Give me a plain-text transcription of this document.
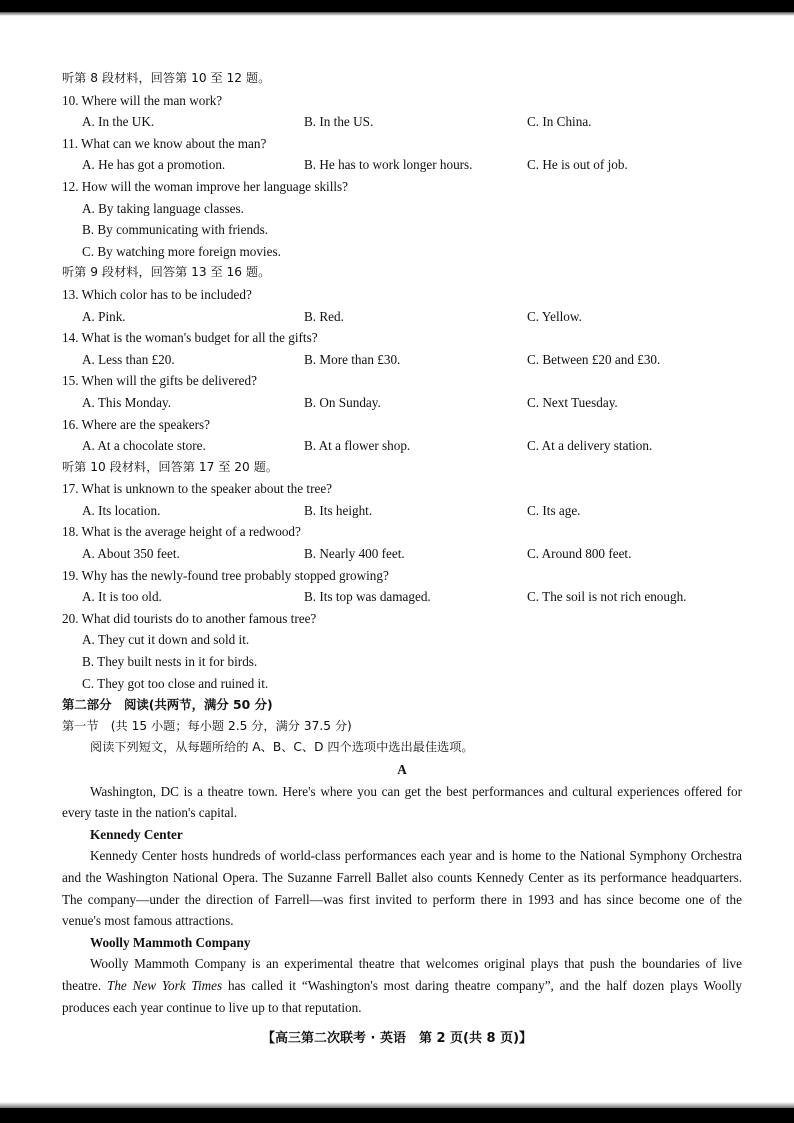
听第 8 段材料，回答第 10 至 12 题。
10. Where will the man work?
A. In the UK.	B. In the US.	C. In China.
11. What can we know about the man?
A. He has got a promotion.	B. He has to work longer hours.	C. He is out of job.
12. How will the woman improve her language skills?
A. By taking language classes.
B. By communicating with friends.
C. By watching more foreign movies.
听第 9 段材料，回答第 13 至 16 题。
13. Which color has to be included?
A. Pink.	B. Red.	C. Yellow.
14. What is the woman's budget for all the gifts?
A. Less than £20.	B. More than £30.	C. Between £20 and £30.
15. When will the gifts be delivered?
A. This Monday.	B. On Sunday.	C. Next Tuesday.
16. Where are the speakers?
A. At a chocolate store.	B. At a flower shop.	C. At a delivery station.
听第 10 段材料，回答第 17 至 20 题。
17. What is unknown to the speaker about the tree?
A. Its location.	B. Its height.	C. Its age.
18. What is the average height of a redwood?
A. About 350 feet.	B. Nearly 400 feet.	C. Around 800 feet.
19. Why has the newly-found tree probably stopped growing?
A. It is too old.	B. Its top was damaged.	C. The soil is not rich enough.
20. What did tourists do to another famous tree?
A. They cut it down and sold it.
B. They built nests in it for birds.
C. They got too close and ruined it.
第二部分　阅读(共两节，满分 50 分)
第一节　(共 15 小题；每小题 2.5 分，满分 37.5 分)
阅读下列短文，从每题所给的 A、B、C、D 四个选项中选出最佳选项。
A

Washington, DC is a theatre town. Here's where you can get the best performances and cultural experiences offered for every taste in the nation's capital.

Kennedy Center

Kennedy Center hosts hundreds of world-class performances each year and is home to the National Symphony Orchestra and the Washington National Opera. The Suzanne Farrell Ballet also counts Kennedy Center as its performance headquarters. The company—under the direction of Farrell—was first invited to perform there in 1993 and has since become one of the venue's most famous attractions.

Woolly Mammoth Company

Woolly Mammoth Company is an experimental theatre that welcomes original plays that push the boundaries of live theatre. The New York Times has called it “Washington's most daring theatre company”, and the half dozen plays Woolly produces each year continue to live up to that reputation.

【高三第二次联考 · 英语　第 2 页(共 8 页)】
